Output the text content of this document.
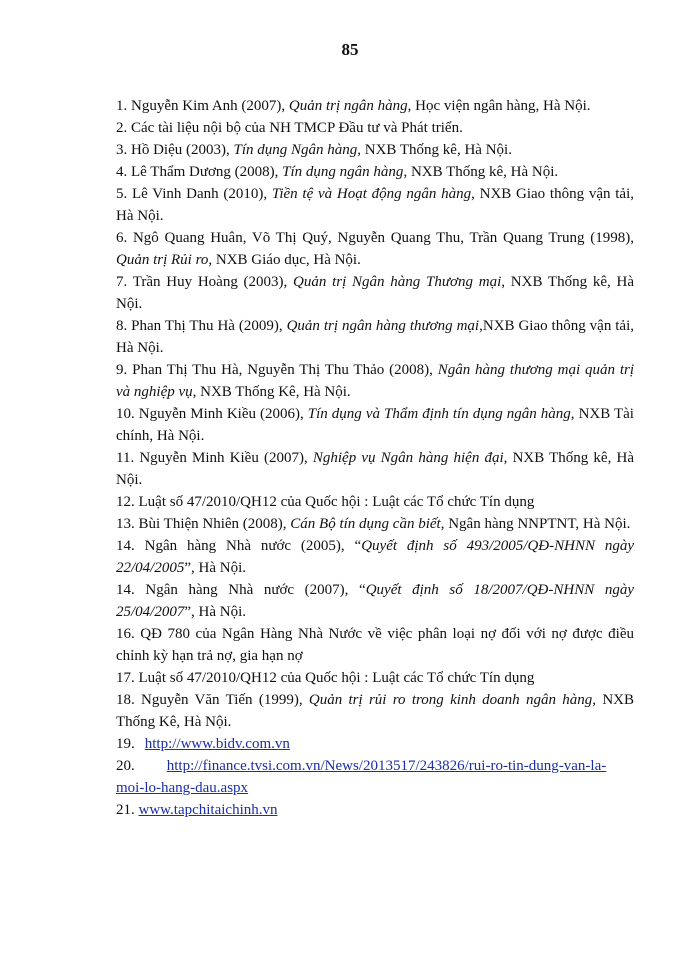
85

1. Nguyễn Kim Anh (2007), Quản trị ngân hàng, Học viện ngân hàng, Hà Nội.

2. Các tài liệu nội bộ của NH TMCP Đầu tư và Phát triển.

3. Hồ Diệu (2003), Tín dụng Ngân hàng, NXB Thống kê, Hà Nội.

4. Lê Thẩm Dương (2008), Tín dụng ngân hàng, NXB Thống kê, Hà Nội.

5. Lê Vinh Danh (2010), Tiền tệ và Hoạt động ngân hàng, NXB Giao thông vận tải, Hà Nội.

6. Ngô Quang Huân, Võ Thị Quý, Nguyễn Quang Thu, Trần Quang Trung (1998), Quản trị Rủi ro, NXB Giáo dục, Hà Nội.

7. Trần Huy Hoàng (2003), Quản trị Ngân hàng Thương mại, NXB Thống kê, Hà Nội.

8. Phan Thị Thu Hà (2009), Quản trị ngân hàng thương mại,NXB Giao thông vận tải, Hà Nội.

9. Phan Thị Thu Hà, Nguyễn Thị Thu Thảo (2008), Ngân hàng thương mại quản trị và nghiệp vụ, NXB Thống Kê, Hà Nội.

10. Nguyễn Minh Kiều (2006), Tín dụng và Thẩm định tín dụng ngân hàng, NXB Tài chính, Hà Nội.

11. Nguyễn Minh Kiều (2007), Nghiệp vụ Ngân hàng hiện đại, NXB Thống kê, Hà Nội.

12. Luật số 47/2010/QH12 của Quốc hội : Luật các Tổ chức Tín dụng

13. Bùi Thiện Nhiên (2008), Cán Bộ tín dụng cần biết, Ngân hàng NNPTNT, Hà Nội.

14. Ngân hàng Nhà nước (2005), “Quyết định số 493/2005/QĐ-NHNN ngày 22/04/2005”, Hà Nội.

14. Ngân hàng Nhà nước (2007), “Quyết định số 18/2007/QĐ-NHNN ngày 25/04/2007”, Hà Nội.

16. QĐ 780 của Ngân Hàng Nhà Nước về việc phân loại nợ đối với nợ được điều chỉnh kỳ hạn trả nợ, gia hạn nợ

17. Luật số 47/2010/QH12 của Quốc hội : Luật các Tổ chức Tín dụng

18. Nguyễn Văn Tiến (1999), Quản trị rủi ro trong kinh doanh ngân hàng, NXB Thống Kê, Hà Nội.

19. http://www.bidv.com.vn

20. http://finance.tvsi.com.vn/News/2013517/243826/rui-ro-tin-dung-van-la-moi-lo-hang-dau.aspx

21. www.tapchitaichinh.vn
